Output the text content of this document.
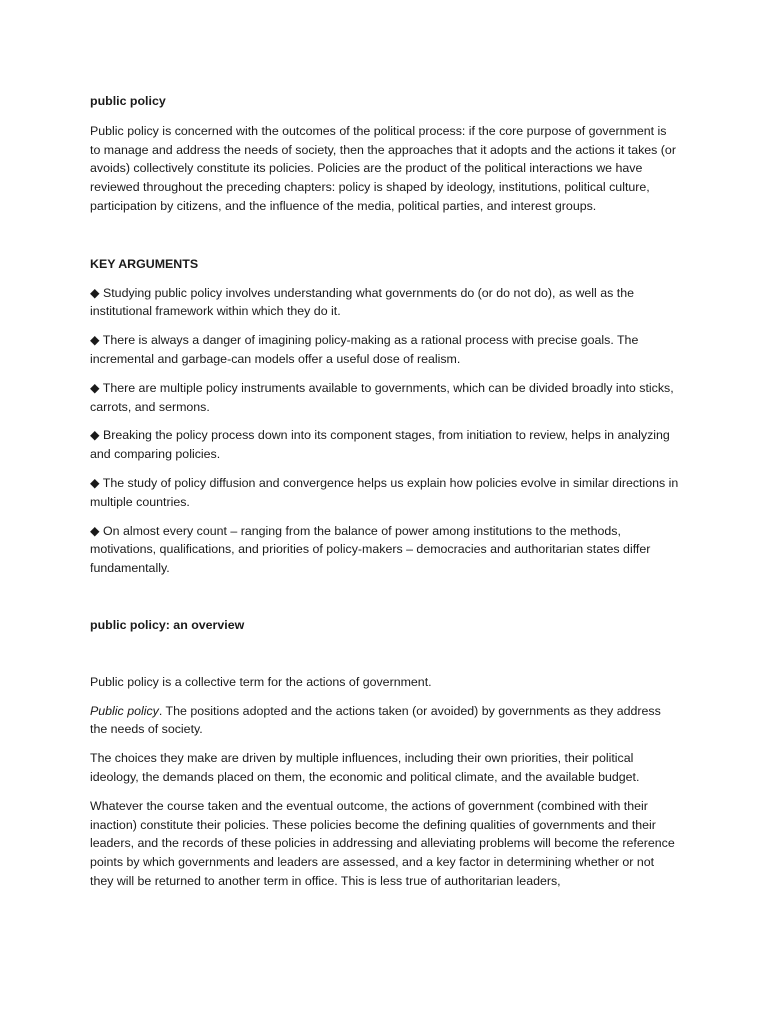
public policy

Public policy is concerned with the outcomes of the political process: if the core purpose of government is to manage and address the needs of society, then the approaches that it adopts and the actions it takes (or avoids) collectively constitute its policies. Policies are the product of the political interactions we have reviewed throughout the preceding chapters: policy is shaped by ideology, institutions, political culture, participation by citizens, and the influence of the media, political parties, and interest groups.

KEY ARGUMENTS

◆ Studying public policy involves understanding what governments do (or do not do), as well as the institutional framework within which they do it.

◆ There is always a danger of imagining policy-making as a rational process with precise goals. The incremental and garbage-can models offer a useful dose of realism.

◆ There are multiple policy instruments available to governments, which can be divided broadly into sticks, carrots, and sermons.

◆ Breaking the policy process down into its component stages, from initiation to review, helps in analyzing and comparing policies.

◆ The study of policy diffusion and convergence helps us explain how policies evolve in similar directions in multiple countries.

◆ On almost every count – ranging from the balance of power among institutions to the methods, motivations, qualifications, and priorities of policy-makers – democracies and authoritarian states differ fundamentally.

public policy: an overview

Public policy is a collective term for the actions of government.

Public policy. The positions adopted and the actions taken (or avoided) by governments as they address the needs of society.

The choices they make are driven by multiple influences, including their own priorities, their political ideology, the demands placed on them, the economic and political climate, and the available budget.

Whatever the course taken and the eventual outcome, the actions of government (combined with their inaction) constitute their policies. These policies become the defining qualities of governments and their leaders, and the records of these policies in addressing and alleviating problems will become the reference points by which governments and leaders are assessed, and a key factor in determining whether or not they will be returned to another term in office. This is less true of authoritarian leaders,
